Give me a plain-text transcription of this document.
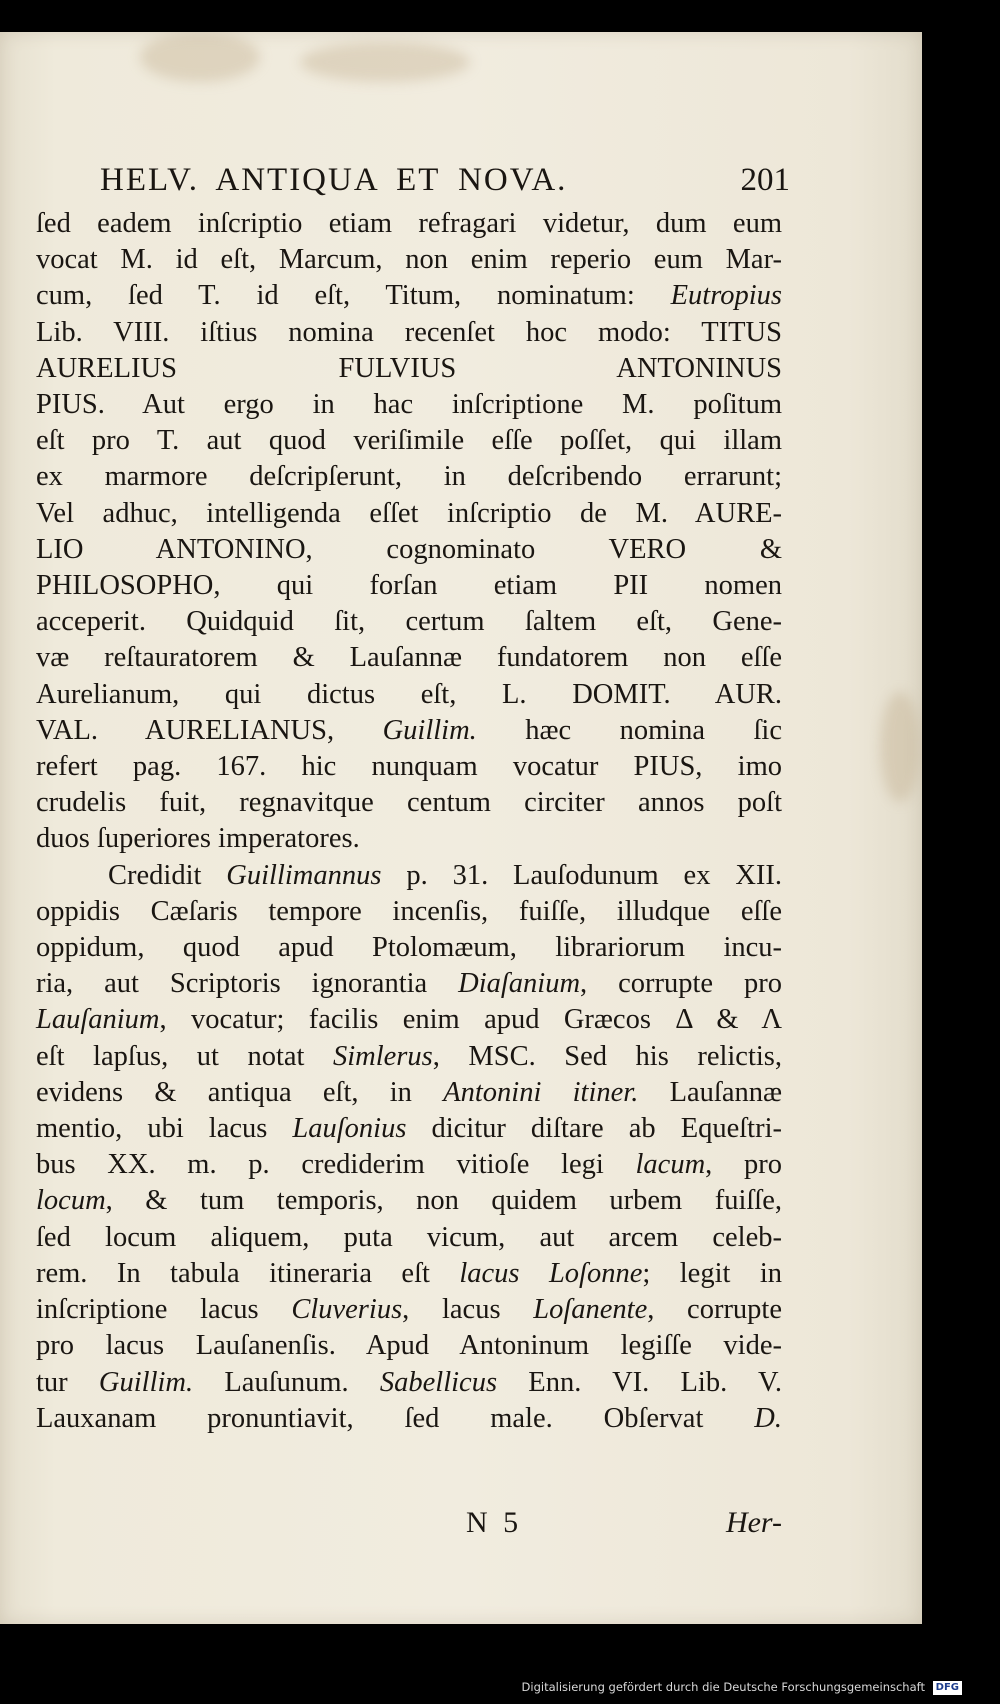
HELV. ANTIQUA ET NOVA.	201

ſed eadem inſcriptio etiam refragari videtur, dum eum

vocat M. id eſt, Marcum, non enim reperio eum Mar-

cum, ſed T. id eſt, Titum, nominatum: Eutropius

Lib. VIII. iſtius nomina recenſet hoc modo: TITUS

AURELIUS FULVIUS ANTONINUS

PIUS. Aut ergo in hac inſcriptione M. poſitum

eſt pro T. aut quod veriſimile eſſe poſſet, qui illam

ex marmore deſcripſerunt, in deſcribendo errarunt;

Vel adhuc, intelligenda eſſet inſcriptio de M. AURE-

LIO ANTONINO, cognominato VERO &

PHILOSOPHO, qui forſan etiam PII nomen

acceperit. Quidquid ſit, certum ſaltem eſt, Gene-

væ reſtauratorem & Lauſannæ fundatorem non eſſe

Aurelianum, qui dictus eſt, L. DOMIT. AUR.

VAL. AURELIANUS, Guillim. hæc nomina ſic

refert pag. 167. hic nunquam vocatur PIUS, imo

crudelis fuit, regnavitque centum circiter annos poſt

duos ſuperiores imperatores.

Credidit Guillimannus p. 31. Lauſodunum ex XII.

oppidis Cæſaris tempore incenſis, fuiſſe, illudque eſſe

oppidum, quod apud Ptolomæum, librariorum incu-

ria, aut Scriptoris ignorantia Diaſanium, corrupte pro

Lauſanium, vocatur; facilis enim apud Græcos Δ & Λ

eſt lapſus, ut notat Simlerus, MSC. Sed his relictis,

evidens & antiqua eſt, in Antonini itiner. Lauſannæ

mentio, ubi lacus Lauſonius dicitur diſtare ab Equeſtri-

bus XX. m. p. crediderim vitioſe legi lacum, pro

locum, & tum temporis, non quidem urbem fuiſſe,

ſed locum aliquem, puta vicum, aut arcem celeb-

rem. In tabula itineraria eſt lacus Loſonne; legit in

inſcriptione lacus Cluverius, lacus Loſanente, corrupte

pro lacus Lauſanenſis. Apud Antoninum legiſſe vide-

tur Guillim. Lauſunum. Sabellicus Enn. VI. Lib. V.

Lauxanam pronuntiavit, ſed male. Obſervat D.

N 5	Her-
Digitalisierung gefördert durch die Deutsche Forschungsgemeinschaft DFG
